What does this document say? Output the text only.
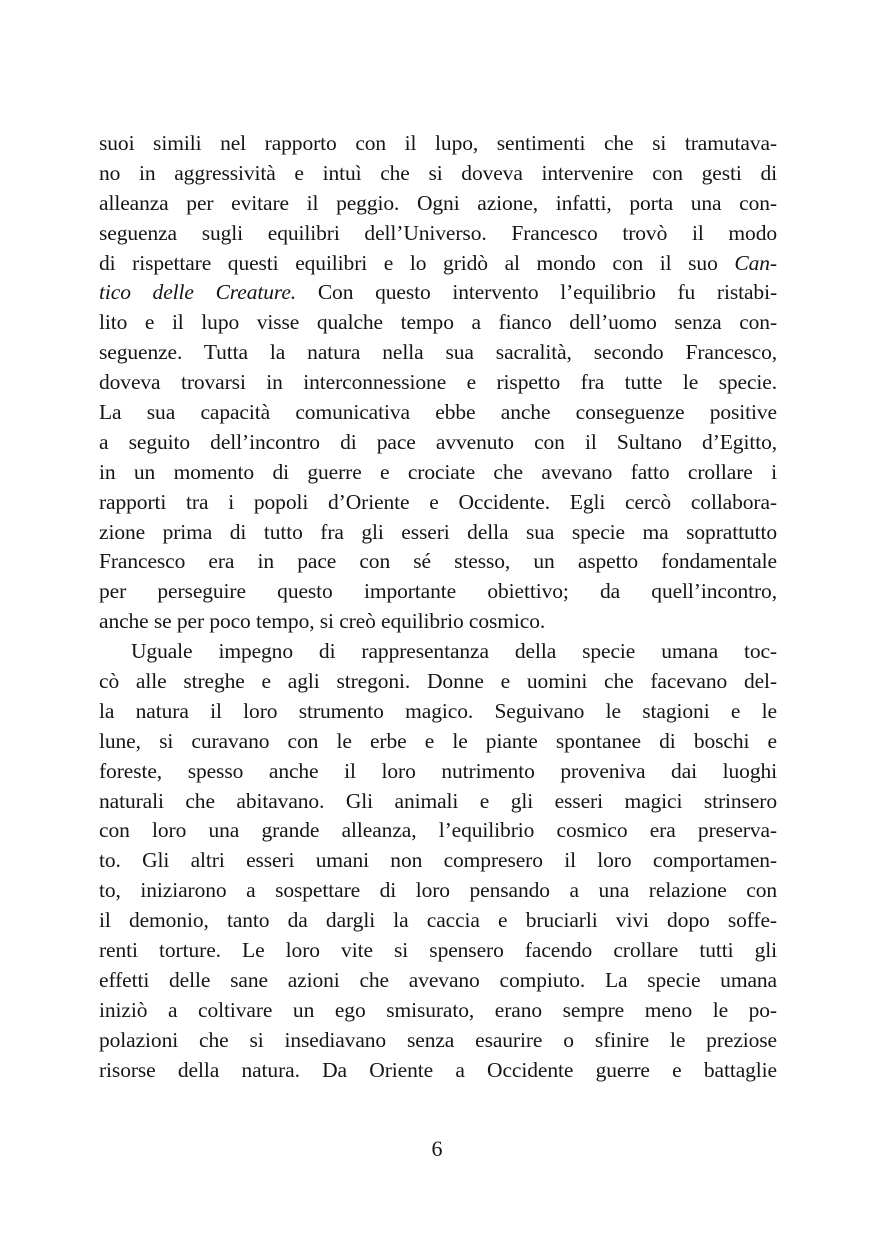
suoi simili nel rapporto con il lupo, sentimenti che si tramutava-
no in aggressività e intuì che si doveva intervenire con gesti di
alleanza per evitare il peggio. Ogni azione, infatti, porta una con-
seguenza sugli equilibri dell’Universo. Francesco trovò il modo
di rispettare questi equilibri e lo gridò al mondo con il suo Can-
tico delle Creature. Con questo intervento l’equilibrio fu ristabi-
lito e il lupo visse qualche tempo a fianco dell’uomo senza con-
seguenze. Tutta la natura nella sua sacralità, secondo Francesco,
doveva trovarsi in interconnessione e rispetto fra tutte le specie.
La sua capacità comunicativa ebbe anche conseguenze positive
a seguito dell’incontro di pace avvenuto con il Sultano d’Egitto,
in un momento di guerre e crociate che avevano fatto crollare i
rapporti tra i popoli d’Oriente e Occidente. Egli cercò collabora-
zione prima di tutto fra gli esseri della sua specie ma soprattutto
Francesco era in pace con sé stesso, un aspetto fondamentale
per perseguire questo importante obiettivo; da quell’incontro,
anche se per poco tempo, si creò equilibrio cosmico.
Uguale impegno di rappresentanza della specie umana toc-
cò alle streghe e agli stregoni. Donne e uomini che facevano del-
la natura il loro strumento magico. Seguivano le stagioni e le
lune, si curavano con le erbe e le piante spontanee di boschi e
foreste, spesso anche il loro nutrimento proveniva dai luoghi
naturali che abitavano. Gli animali e gli esseri magici strinsero
con loro una grande alleanza, l’equilibrio cosmico era preserva-
to. Gli altri esseri umani non compresero il loro comportamen-
to, iniziarono a sospettare di loro pensando a una relazione con
il demonio, tanto da dargli la caccia e bruciarli vivi dopo soffe-
renti torture. Le loro vite si spensero facendo crollare tutti gli
effetti delle sane azioni che avevano compiuto. La specie umana
iniziò a coltivare un ego smisurato, erano sempre meno le po-
polazioni che si insediavano senza esaurire o sfinire le preziose
risorse della natura. Da Oriente a Occidente guerre e battaglie
6
